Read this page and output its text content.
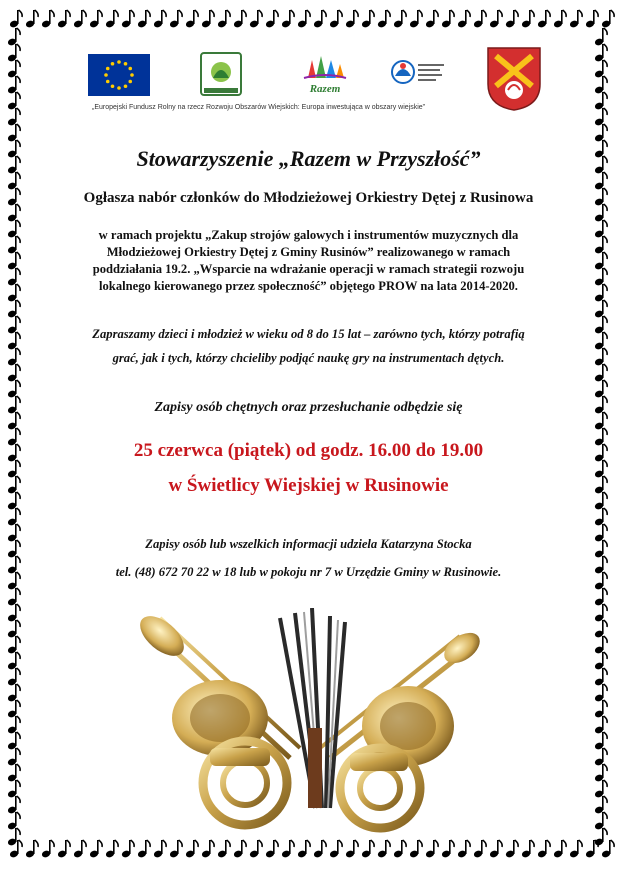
Razem
„Europejski Fundusz Rolny na rzecz Rozwoju Obszarów Wiejskich: Europa inwestująca w obszary wiejskie”
Stowarzyszenie „Razem w Przyszłość”
Ogłasza nabór członków do Młodzieżowej Orkiestry Dętej z Rusinowa
w ramach projektu „Zakup strojów galowych i instrumentów muzycznych dla
Młodzieżowej Orkiestry Dętej z Gminy Rusinów” realizowanego w ramach
poddziałania 19.2. „Wsparcie na wdrażanie operacji w ramach strategii rozwoju
lokalnego kierowanego przez społeczność” objętego PROW na lata 2014-2020.
Zapraszamy dzieci i młodzież w wieku od 8 do 15 lat – zarówno tych, którzy potrafią
grać, jak i tych, którzy chcieliby podjąć naukę gry na instrumentach dętych.
Zapisy osób chętnych oraz przesłuchanie odbędzie się
25 czerwca (piątek) od godz. 16.00 do 19.00
w Świetlicy Wiejskiej w Rusinowie
Zapisy osób lub wszelkich informacji udziela Katarzyna Stocka
tel. (48) 672 70 22 w 18 lub w pokoju nr 7 w Urzędzie Gminy w Rusinowie.
